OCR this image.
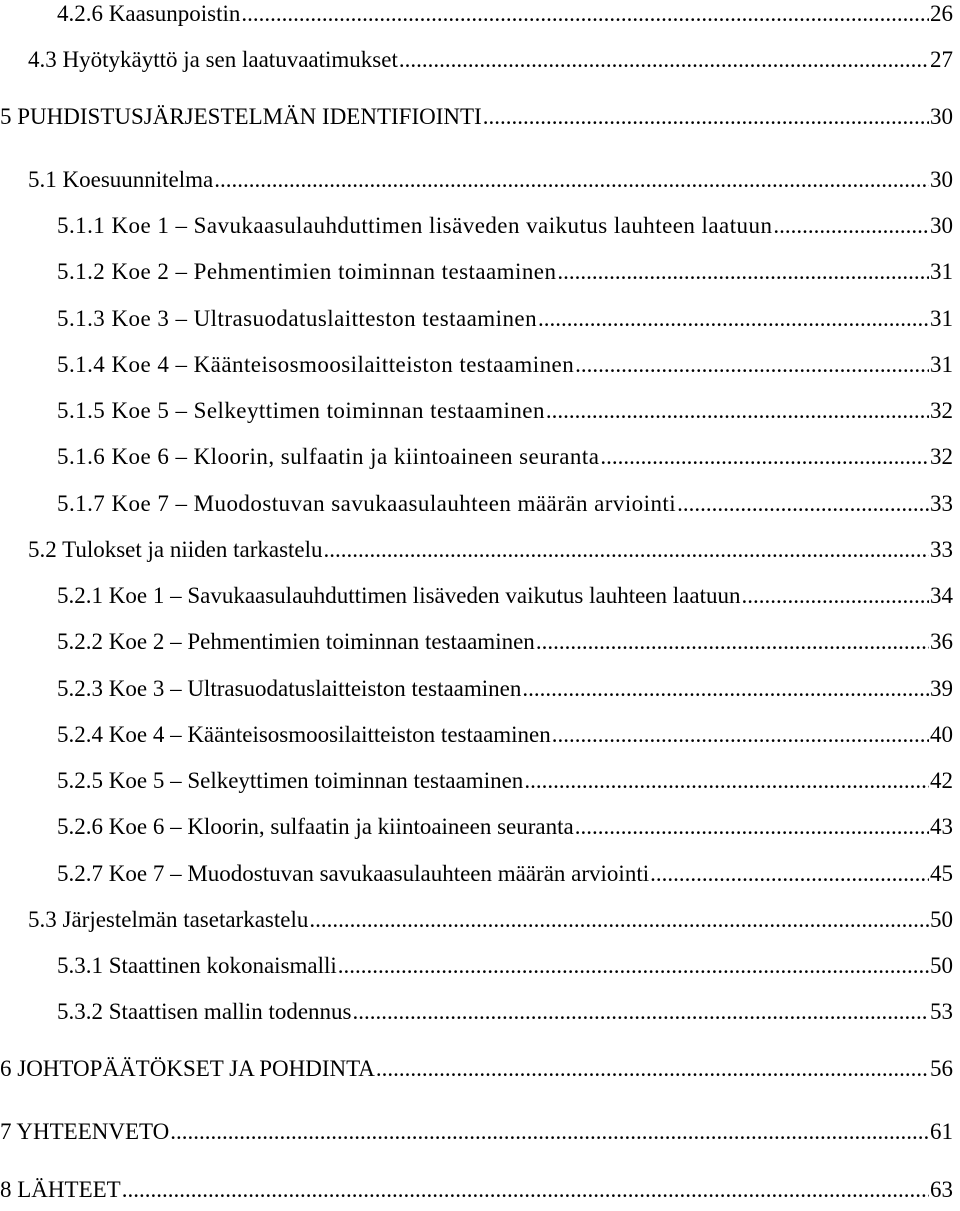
4.2.6 Kaasunpoistin .....	26
4.3 Hyötykäyttö ja sen laatuvaatimukset .....	27
5 PUHDISTUSJÄRJESTELMÄN IDENTIFIOINTI .....	30
5.1 Koesuunnitelma .....	30
5.1.1 Koe 1 – Savukaasulauhduttimen lisäveden vaikutus lauhteen laatuun .....	30
5.1.2 Koe 2 – Pehmentimien toiminnan testaaminen .....	31
5.1.3 Koe 3 – Ultrasuodatuslaitteston testaaminen .....	31
5.1.4 Koe 4 – Käänteisosmoosilaitteiston testaaminen .....	31
5.1.5 Koe 5 – Selkeyttimen toiminnan testaaminen .....	32
5.1.6 Koe 6 – Kloorin, sulfaatin ja kiintoaineen seuranta .....	32
5.1.7 Koe 7 – Muodostuvan savukaasulauhteen määrän arviointi .....	33
5.2 Tulokset ja niiden tarkastelu .....	33
5.2.1 Koe 1 – Savukaasulauhduttimen lisäveden vaikutus lauhteen laatuun .....	34
5.2.2 Koe 2 – Pehmentimien toiminnan testaaminen .....	36
5.2.3 Koe 3 – Ultrasuodatuslaitteiston testaaminen .....	39
5.2.4 Koe 4 – Käänteisosmoosilaitteiston testaaminen .....	40
5.2.5 Koe 5 – Selkeyttimen toiminnan testaaminen .....	42
5.2.6 Koe 6 – Kloorin, sulfaatin ja kiintoaineen seuranta .....	43
5.2.7 Koe 7 – Muodostuvan savukaasulauhteen määrän arviointi .....	45
5.3 Järjestelmän tasetarkastelu .....	50
5.3.1 Staattinen kokonaismalli .....	50
5.3.2 Staattisen mallin todennus .....	53
6 JOHTOPÄÄTÖKSET JA POHDINTA .....	56
7 YHTEENVETO .....	61
8 LÄHTEET .....	63
